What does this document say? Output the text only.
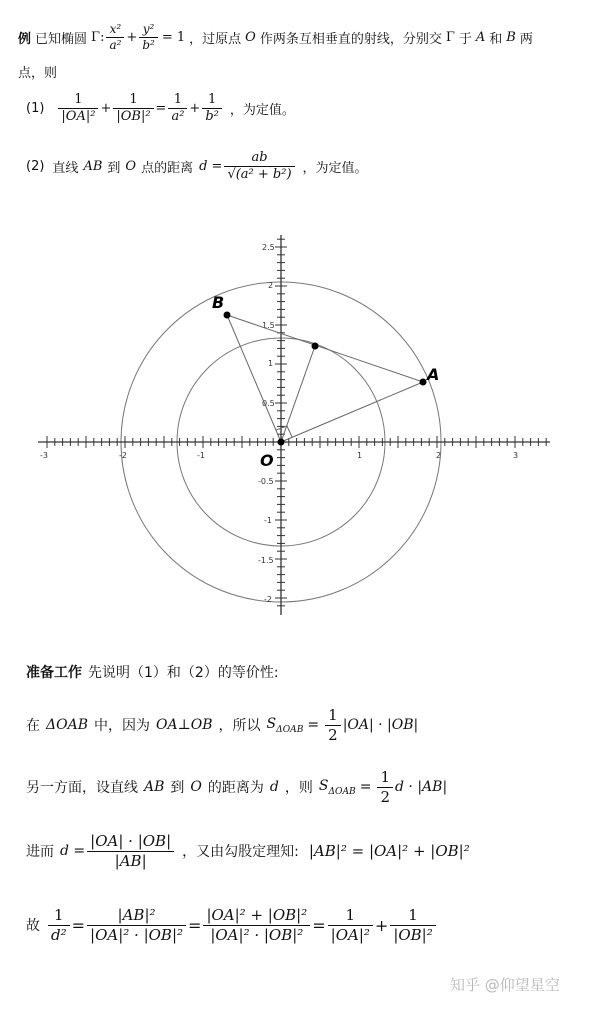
例 已知椭圆 Γ : $\frac{\text{x²}}{\text{a²}} + \frac{\text{y²}}{\text{b²}} = 1$ ，过原点 O 作两条互相垂直的射线，分别交 Γ 于 A 和 B 两
点，则
$(1) \frac{1}{\text{|OA|²}} + \frac{1}{\text{|OB|²}} = \frac{1}{\text{a²}} + \frac{1}{\text{b²}}$ ，为定值。
(2) 直线 AB 到 O 点的距离 $d = \frac{ab}{\text{√(a² + b²)}}$ ，为定值。
-3	-2	-1	1	2	3
2.5
2
1.5
1
0.5
-0.5
-1
-1.5
-2
A
B
O
准备工作 先说明（1）和（2）的等价性:
在 ΔOAB 中，因为 OA⊥OB ，所以 $S_{\Delta OAB} = \frac{1}{2} |OA| \cdot |OB|$
另一方面，设直线 AB 到 O 的距离为 d ，则 $S_{\Delta OAB} = \frac{1}{2}$ d · |AB|
进而 $d = \frac{|OA| \cdot |OB|}{|AB|}$ ，又由勾股定理知: |AB|² = |OA|² + |OB|²
故 $\frac{1}{\text{d²}} = \frac{\text{|AB|²}}{\text{|OA|² · |OB|²}} = \frac{\text{|OA|² + |OB|²}}{\text{|OA|² · |OB|²}} = \frac{1}{\text{|OA|²}} + \frac{1}{\text{|OB|²}}$
知乎 @仰望星空
